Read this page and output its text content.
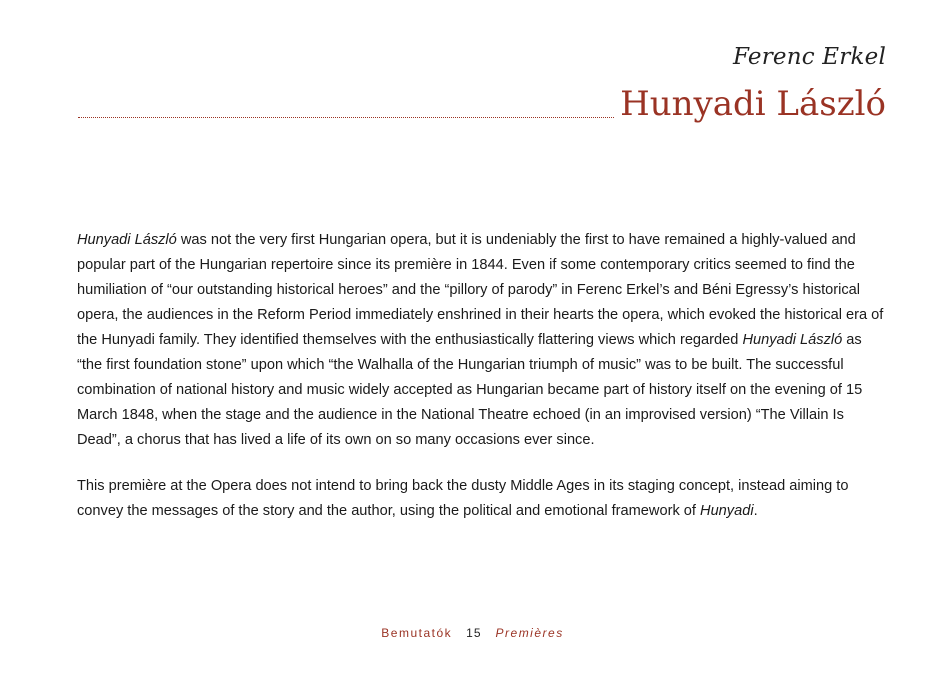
Ferenc Erkel
Hunyadi László

Hunyadi László was not the very first Hungarian opera, but it is undeniably the first to have remained a highly-valued and popular part of the Hungarian repertoire since its première in 1844. Even if some contemporary critics seemed to find the humiliation of “our outstanding historical heroes” and the “pillory of parody” in Ferenc Erkel’s and Béni Egressy’s historical opera, the audiences in the Reform Period immediately enshrined in their hearts the opera, which evoked the historical era of the Hunyadi family. They identified themselves with the enthusiastically flattering views which regarded Hunyadi László as “the first foundation stone” upon which “the Walhalla of the Hungarian triumph of music” was to be built. The successful combination of national history and music widely accepted as Hungarian became part of history itself on the evening of 15 March 1848, when the stage and the audience in the National Theatre echoed (in an improvised version) “The Villain Is Dead”, a chorus that has lived a life of its own on so many occasions ever since.

This première at the Opera does not intend to bring back the dusty Middle Ages in its staging concept, instead aiming to convey the messages of the story and the author, using the political and emotional framework of Hunyadi.

Bemutatók 15 Premières
